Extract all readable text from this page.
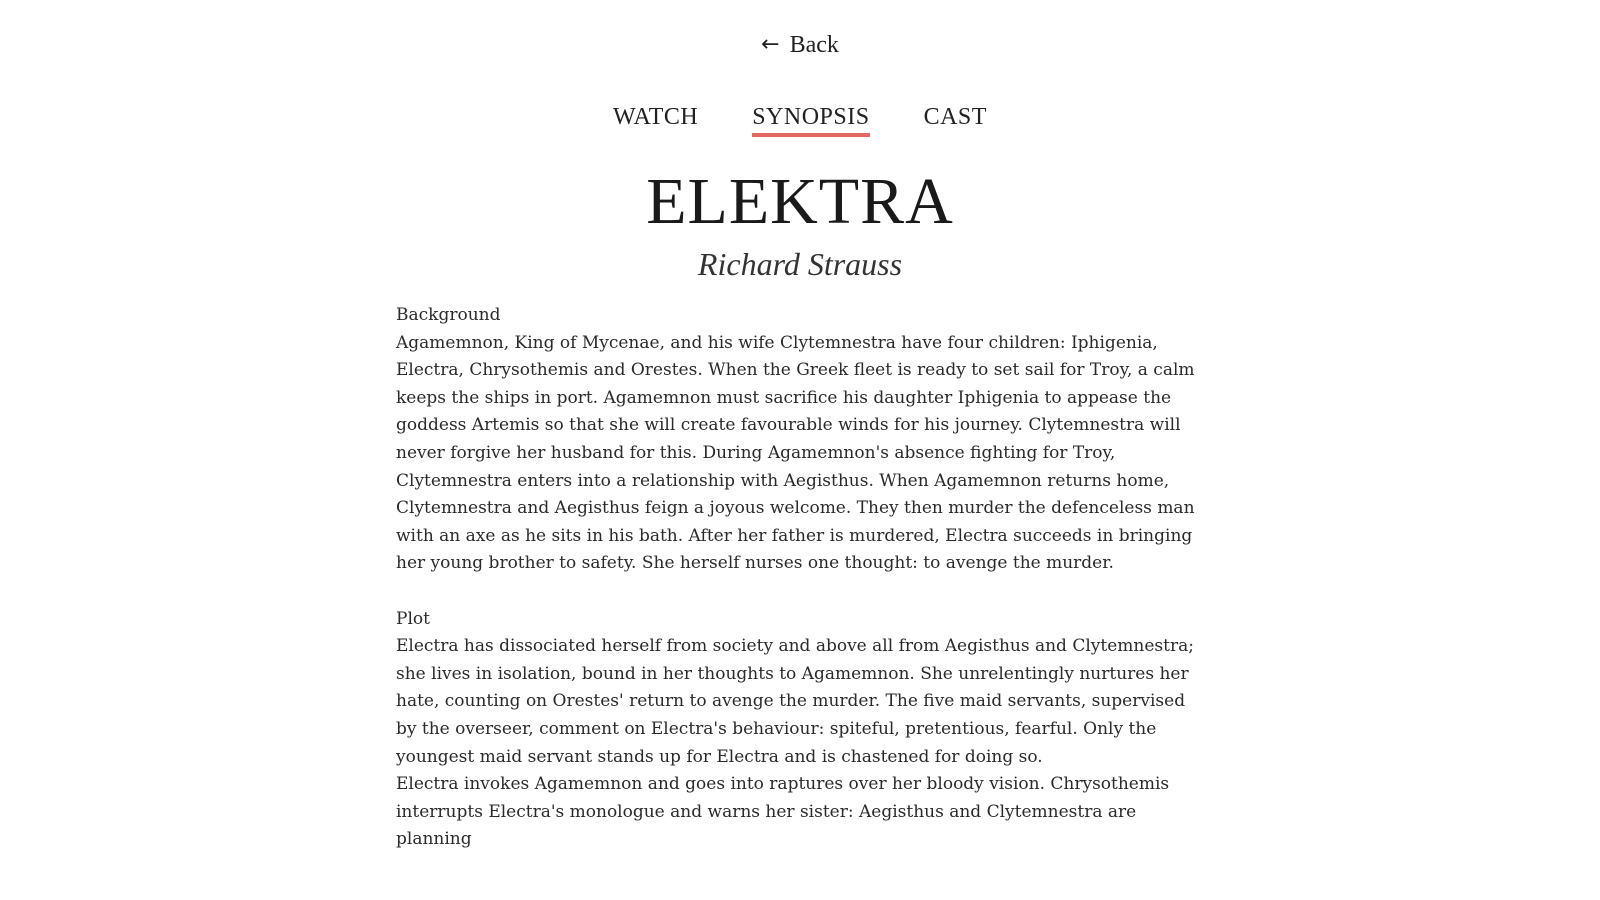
← Back
WATCH SYNOPSIS CAST
ELEKTRA
Richard Strauss
Background

Agamemnon, King of Mycenae, and his wife Clytemnestra have four children: Iphigenia, Electra, Chrysothemis and Orestes. When the Greek fleet is ready to set sail for Troy, a calm keeps the ships in port. Agamemnon must sacrifice his daughter Iphigenia to appease the goddess Artemis so that she will create favourable winds for his journey. Clytemnestra will never forgive her husband for this. During Agamemnon's absence fighting for Troy, Clytemnestra enters into a relationship with Aegisthus. When Agamemnon returns home, Clytemnestra and Aegisthus feign a joyous welcome. They then murder the defenceless man with an axe as he sits in his bath. After her father is murdered, Electra succeeds in bringing her young brother to safety. She herself nurses one thought: to avenge the murder.

Plot

Electra has dissociated herself from society and above all from Aegisthus and Clytemnestra; she lives in isolation, bound in her thoughts to Agamemnon. She unrelentingly nurtures her hate, counting on Orestes' return to avenge the murder. The five maid servants, supervised by the overseer, comment on Electra's behaviour: spiteful, pretentious, fearful. Only the youngest maid servant stands up for Electra and is chastened for doing so.

Electra invokes Agamemnon and goes into raptures over her bloody vision. Chrysothemis interrupts Electra's monologue and warns her sister: Aegisthus and Clytemnestra are planning
